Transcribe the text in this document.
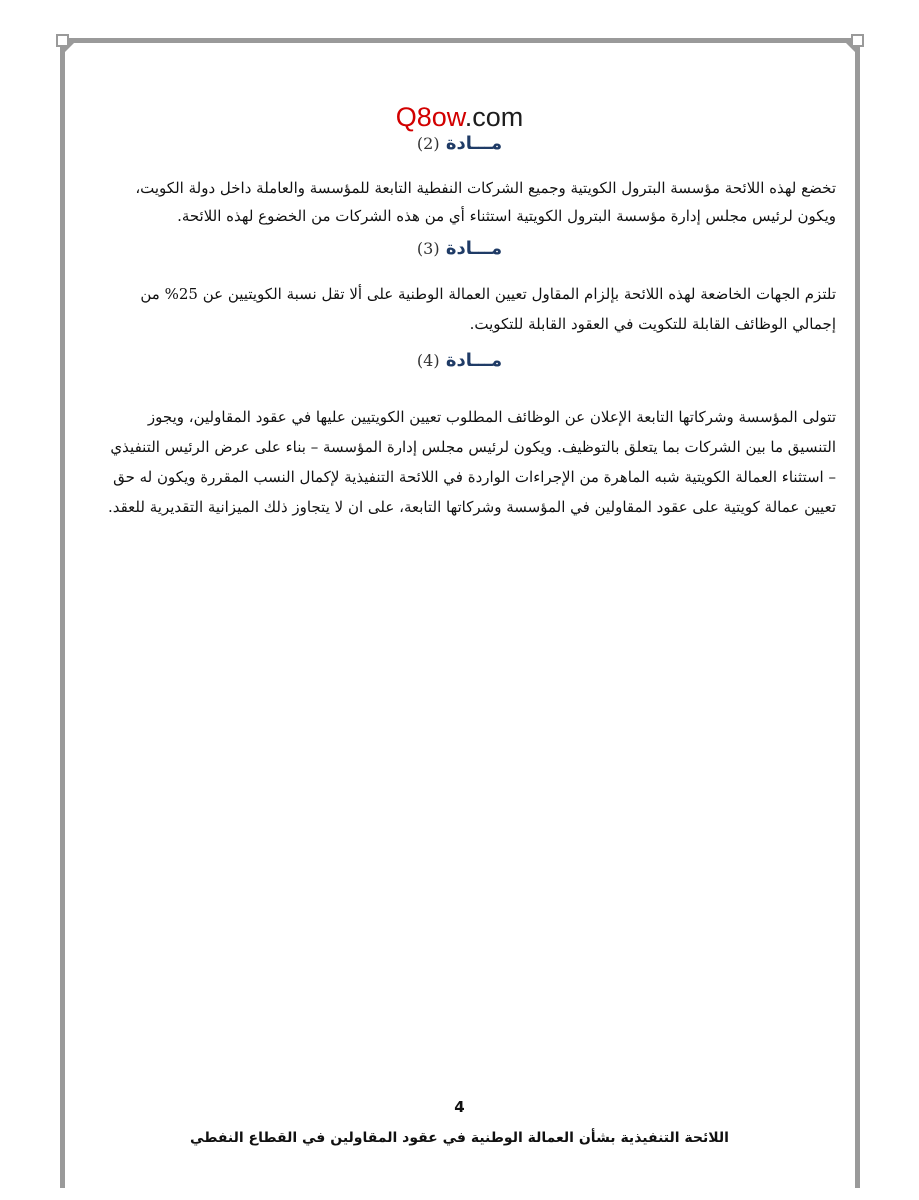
Q8ow.com
مـــادة (2)
تخضع لهذه اللائحة مؤسسة البترول الكويتية وجميع الشركات النفطية التابعة للمؤسسة والعاملة داخل دولة الكويت،
ويكون لرئيس مجلس إدارة مؤسسة البترول الكويتية استثناء أي من هذه الشركات من الخضوع لهذه اللائحة.
مـــادة (3)
تلتزم الجهات الخاضعة لهذه اللائحة بإلزام المقاول تعيين العمالة الوطنية على ألا تقل نسبة الكويتيين عن 25% من
إجمالي الوظائف القابلة للتكويت في العقود القابلة للتكويت.
مـــادة (4)
تتولى المؤسسة وشركاتها التابعة الإعلان عن الوظائف المطلوب تعيين الكويتيين عليها في عقود المقاولين، ويجوز
التنسيق ما بين الشركات بما يتعلق بالتوظيف. ويكون لرئيس مجلس إدارة المؤسسة – بناء على عرض الرئيس التنفيذي
– استثناء العمالة الكويتية شبه الماهرة من الإجراءات الواردة في اللائحة التنفيذية لإكمال النسب المقررة ويكون له حق
تعيين عمالة كويتية على عقود المقاولين في المؤسسة وشركاتها التابعة، على ان لا يتجاوز ذلك الميزانية التقديرية للعقد.
4
اللائحة التنفيذية بشأن العمالة الوطنية في عقود المقاولين في القطاع النفطي
